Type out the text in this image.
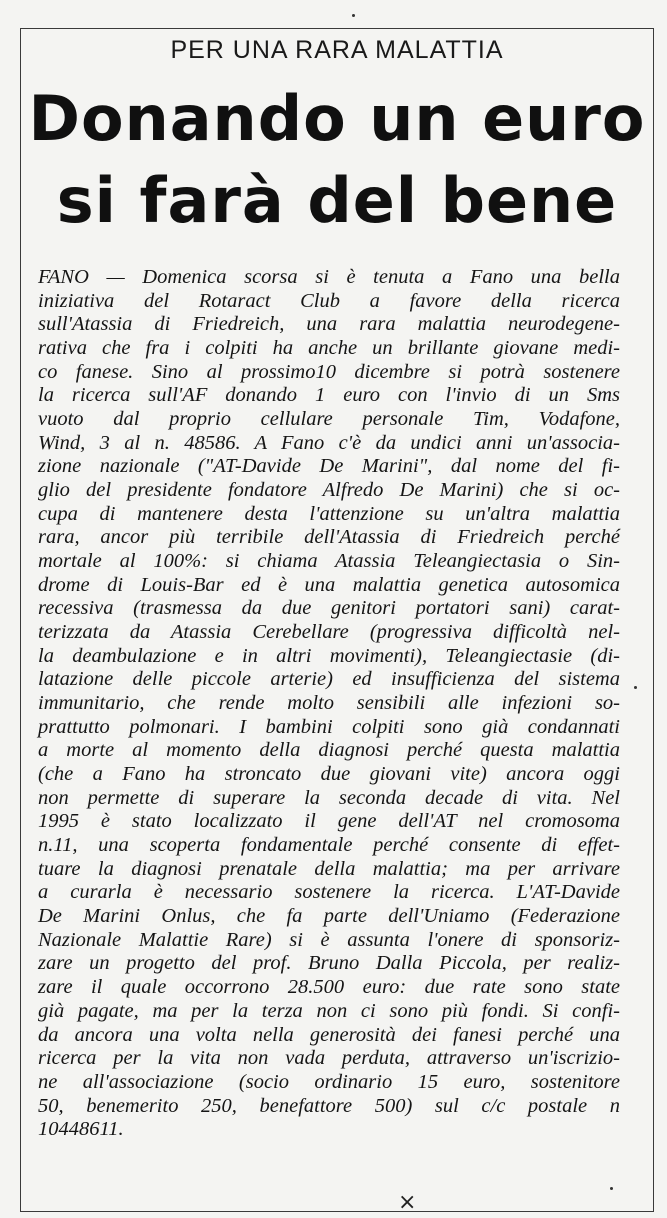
PER UNA RARA MALATTIA
Donando un euro
si farà del bene
FANO — Domenica scorsa si è tenuta a Fano una bella
iniziativa del Rotaract Club a favore della ricerca
sull'Atassia di Friedreich, una rara malattia neurodegene-
rativa che fra i colpiti ha anche un brillante giovane medi-
co fanese. Sino al prossimo10 dicembre si potrà sostenere
la ricerca sull'AF donando 1 euro con l'invio di un Sms
vuoto dal proprio cellulare personale Tim, Vodafone,
Wind, 3 al n. 48586. A Fano c'è da undici anni un'associa-
zione nazionale ("AT-Davide De Marini", dal nome del fi-
glio del presidente fondatore Alfredo De Marini) che si oc-
cupa di mantenere desta l'attenzione su un'altra malattia
rara, ancor più terribile dell'Atassia di Friedreich perché
mortale al 100%: si chiama Atassia Teleangiectasia o Sin-
drome di Louis-Bar ed è una malattia genetica autosomica
recessiva (trasmessa da due genitori portatori sani) carat-
terizzata da Atassia Cerebellare (progressiva difficoltà nel-
la deambulazione e in altri movimenti), Teleangiectasie (di-
latazione delle piccole arterie) ed insufficienza del sistema
immunitario, che rende molto sensibili alle infezioni so-
prattutto polmonari. I bambini colpiti sono già condannati
a morte al momento della diagnosi perché questa malattia
(che a Fano ha stroncato due giovani vite) ancora oggi
non permette di superare la seconda decade di vita. Nel
1995 è stato localizzato il gene dell'AT nel cromosoma
n.11, una scoperta fondamentale perché consente di effet-
tuare la diagnosi prenatale della malattia; ma per arrivare
a curarla è necessario sostenere la ricerca. L'AT-Davide
De Marini Onlus, che fa parte dell'Uniamo (Federazione
Nazionale Malattie Rare) si è assunta l'onere di sponsoriz-
zare un progetto del prof. Bruno Dalla Piccola, per realiz-
zare il quale occorrono 28.500 euro: due rate sono state
già pagate, ma per la terza non ci sono più fondi. Si confi-
da ancora una volta nella generosità dei fanesi perché una
ricerca per la vita non vada perduta, attraverso un'iscrizio-
ne all'associazione (socio ordinario 15 euro, sostenitore
50, benemerito 250, benefattore 500) sul c/c postale n
10448611.
×
